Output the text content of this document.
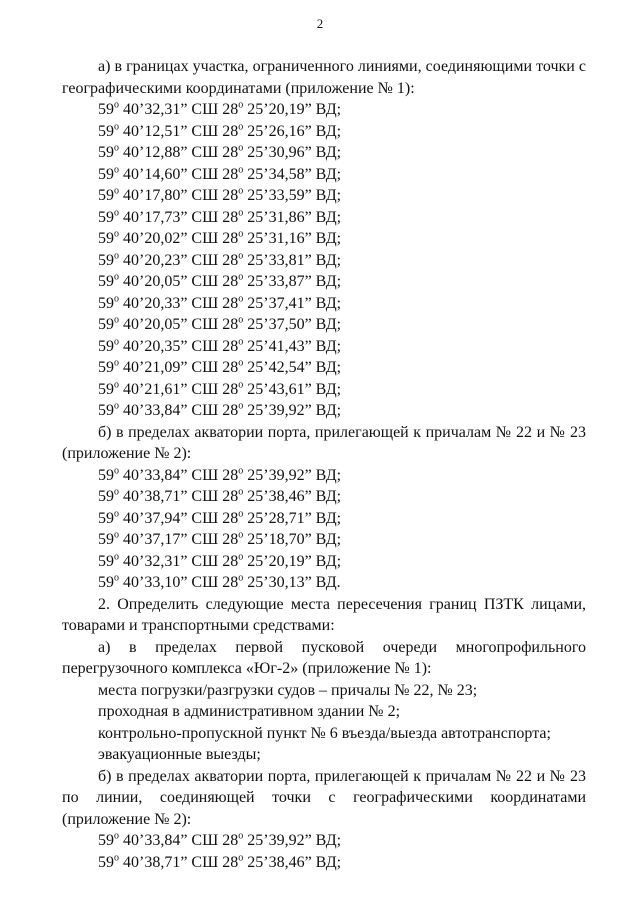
2

а) в границах участка, ограниченного линиями, соединяющими точки с географическими координатами (приложение № 1):

59$^o$ 40’32,31” СШ 28$^o$ 25’20,19” ВД;

59$^o$ 40’12,51” СШ 28$^o$ 25’26,16” ВД;

59$^o$ 40’12,88” СШ 28$^o$ 25’30,96” ВД;

59$^o$ 40’14,60” СШ 28$^o$ 25’34,58” ВД;

59$^o$ 40’17,80” СШ 28$^o$ 25’33,59” ВД;

59$^o$ 40’17,73” СШ 28$^o$ 25’31,86” ВД;

59$^o$ 40’20,02” СШ 28$^o$ 25’31,16” ВД;

59$^o$ 40’20,23” СШ 28$^o$ 25’33,81” ВД;

59$^o$ 40’20,05” СШ 28$^o$ 25’33,87” ВД;

59$^o$ 40’20,33” СШ 28$^o$ 25’37,41” ВД;

59$^o$ 40’20,05” СШ 28$^o$ 25’37,50” ВД;

59$^o$ 40’20,35” СШ 28$^o$ 25’41,43” ВД;

59$^o$ 40’21,09” СШ 28$^o$ 25’42,54” ВД;

59$^o$ 40’21,61” СШ 28$^o$ 25’43,61” ВД;

59$^o$ 40’33,84” СШ 28$^o$ 25’39,92” ВД;

б) в пределах акватории порта, прилегающей к причалам № 22 и № 23 (приложение № 2):

59$^o$ 40’33,84” СШ 28$^o$ 25’39,92” ВД;

59$^o$ 40’38,71” СШ 28$^o$ 25’38,46” ВД;

59$^o$ 40’37,94” СШ 28$^o$ 25’28,71” ВД;

59$^o$ 40’37,17” СШ 28$^o$ 25’18,70” ВД;

59$^o$ 40’32,31” СШ 28$^o$ 25’20,19” ВД;

59$^o$ 40’33,10” СШ 28$^o$ 25’30,13” ВД.

2. Определить следующие места пересечения границ ПЗТК лицами, товарами и транспортными средствами:

а) в пределах первой пусковой очереди многопрофильного перегрузочного комплекса «Юг-2» (приложение № 1):

места погрузки/разгрузки судов – причалы № 22, № 23;

проходная в административном здании № 2;

контрольно-пропускной пункт № 6 въезда/выезда автотранспорта;

эвакуационные выезды;

б) в пределах акватории порта, прилегающей к причалам № 22 и № 23 по линии, соединяющей точки с географическими координатами (приложение № 2):

59$^o$ 40’33,84” СШ 28$^o$ 25’39,92” ВД;

59$^o$ 40’38,71” СШ 28$^o$ 25’38,46” ВД;
